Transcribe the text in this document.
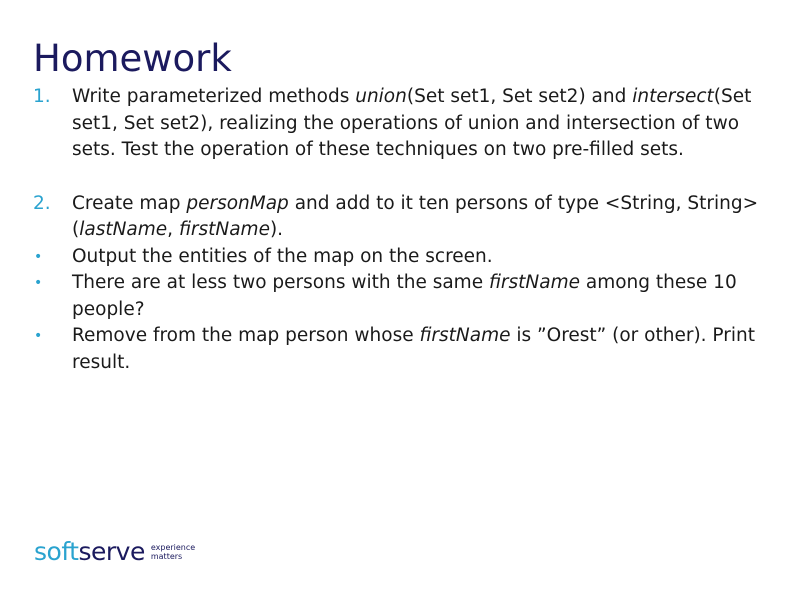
Homework
1. Write parameterized methods union(Set set1, Set set2) and intersect(Set set1, Set set2), realizing the operations of union and intersection of two sets. Test the operation of these techniques on two pre-filled sets.
2. Create map personMap and add to it ten persons of type <String, String> (lastName, firstName).
• Output the entities of the map on the screen.
• There are at less two persons with the same firstName among these 10 people?
• Remove from the map person whose firstName is ”Orest” (or other). Print result.
softserve experience
matters
